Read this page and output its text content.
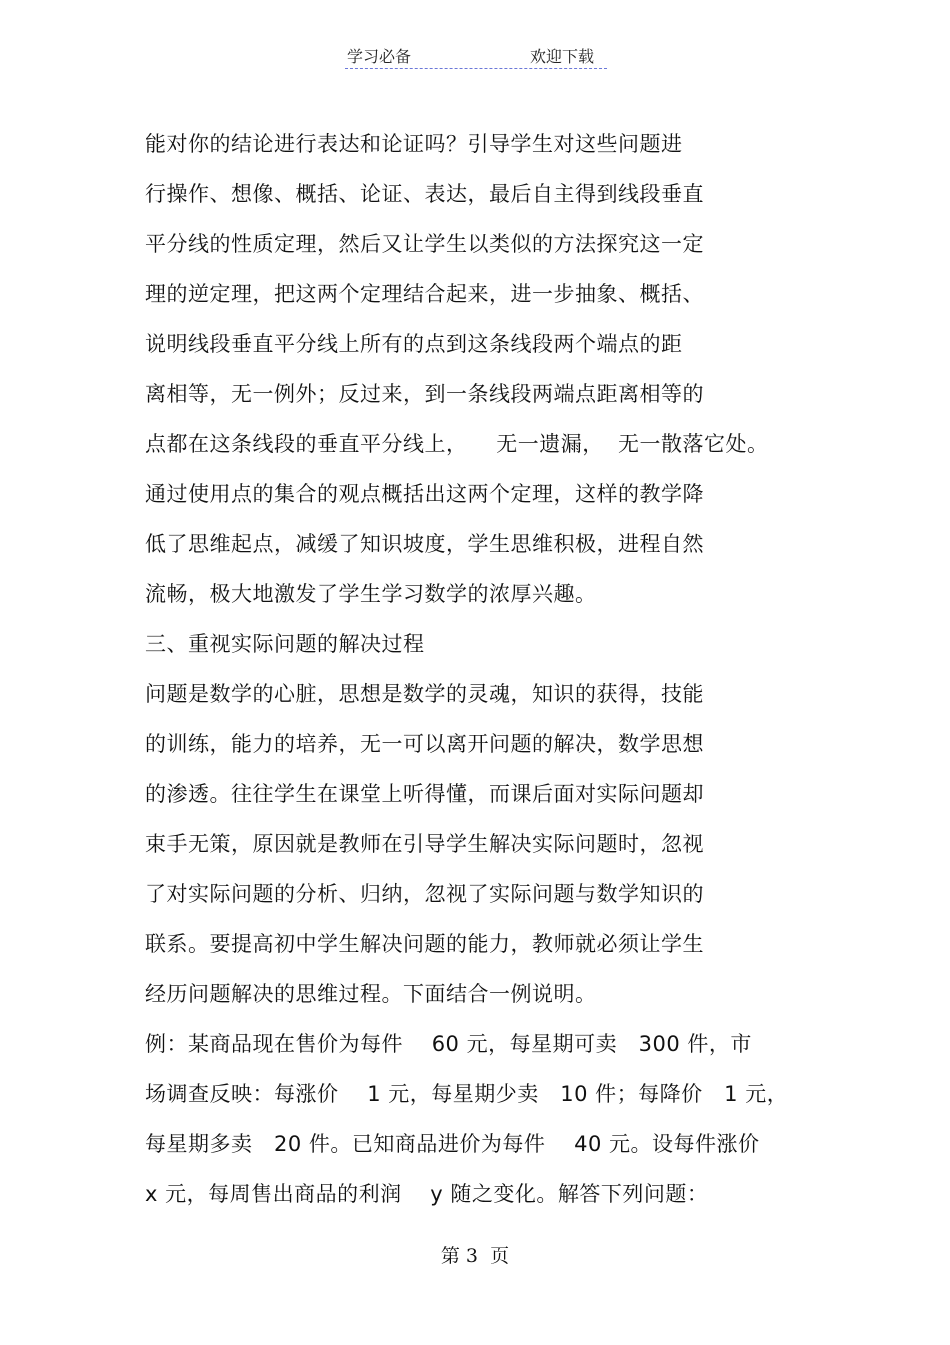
学习必备	欢迎下载
能对你的结论进行表达和论证吗？引导学生对这些问题进
行操作、想像、概括、论证、表达，最后自主得到线段垂直
平分线的性质定理，然后又让学生以类似的方法探究这一定
理的逆定理，把这两个定理结合起来，进一步抽象、概括、
说明线段垂直平分线上所有的点到这条线段两个端点的距
离相等，无一例外；反过来，到一条线段两端点距离相等的
点都在这条线段的垂直平分线上，    无一遗漏，  无一散落它处。
通过使用点的集合的观点概括出这两个定理，这样的教学降
低了思维起点，减缓了知识坡度，学生思维积极，进程自然
流畅，极大地激发了学生学习数学的浓厚兴趣。
三、重视实际问题的解决过程
问题是数学的心脏，思想是数学的灵魂，知识的获得，技能
的训练，能力的培养，无一可以离开问题的解决，数学思想
的渗透。往往学生在课堂上听得懂，而课后面对实际问题却
束手无策，原因就是教师在引导学生解决实际问题时，忽视
了对实际问题的分析、归纳，忽视了实际问题与数学知识的
联系。要提高初中学生解决问题的能力，教师就必须让学生
经历问题解决的思维过程。下面结合一例说明。
例：某商品现在售价为每件    60 元，每星期可卖   300 件，市
场调查反映：每涨价    1 元，每星期少卖   10 件；每降价   1 元，
每星期多卖   20 件。已知商品进价为每件    40 元。设每件涨价
x 元，每周售出商品的利润    y 随之变化。解答下列问题：
第 3  页
